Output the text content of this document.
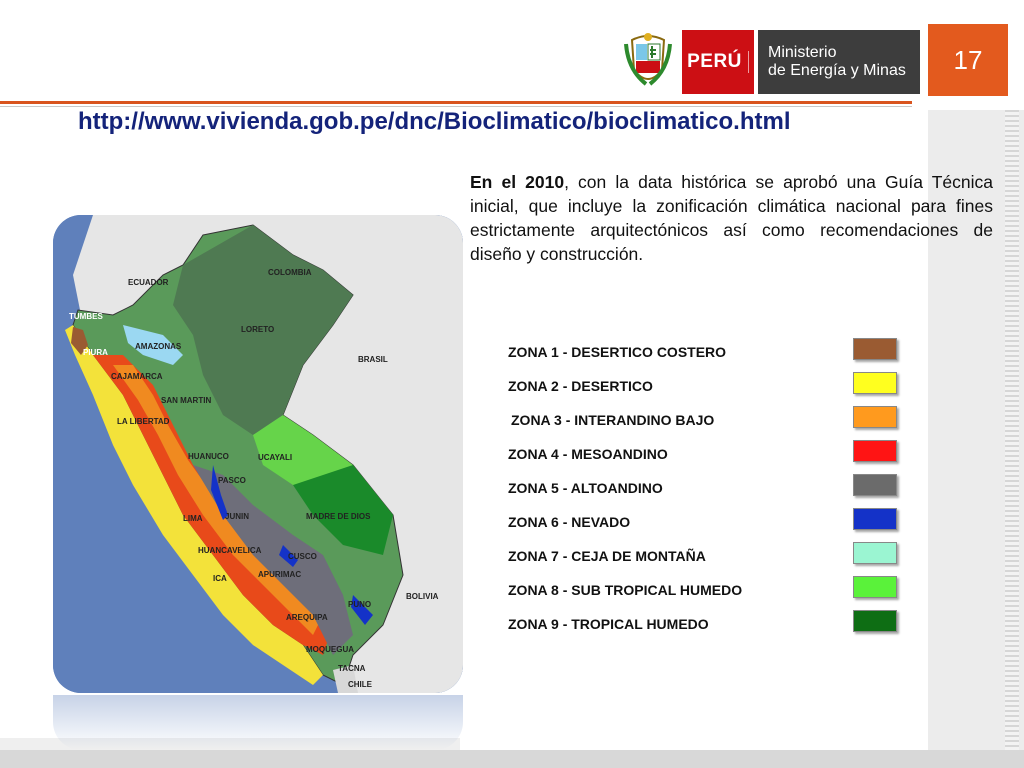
PERÚ	Ministerio
de Energía y Minas	17
http://www.vivienda.gob.pe/dnc/Bioclimatico/bioclimatico.html
ECUADOR
COLOMBIA
TUMBES
AMAZONAS
LORETO
BRASIL
PIURA
CAJAMARCA
SAN MARTIN
LA LIBERTAD
HUANUCO	UCAYALI
PASCO
JUNIN	MADRE DE DIOS
LIMA
HUANCAVELICA
CUSCO
ICA	APURIMAC
BOLIVIA
PUNO
AREQUIPA
MOQUEGUA
TACNA
CHILE
En el 2010, con la data histórica se aprobó una Guía Técnica inicial, que incluye la zonificación climática nacional para fines estrictamente arquitectónicos así como recomendaciones de diseño y construcción.
ZONA 1 - DESERTICO COSTERO
ZONA 2 - DESERTICO
ZONA 3 - INTERANDINO BAJO
ZONA 4 - MESOANDINO
ZONA 5 - ALTOANDINO
ZONA 6 - NEVADO
ZONA 7 - CEJA DE MONTAÑA
ZONA 8 - SUB TROPICAL HUMEDO
ZONA 9 - TROPICAL HUMEDO
